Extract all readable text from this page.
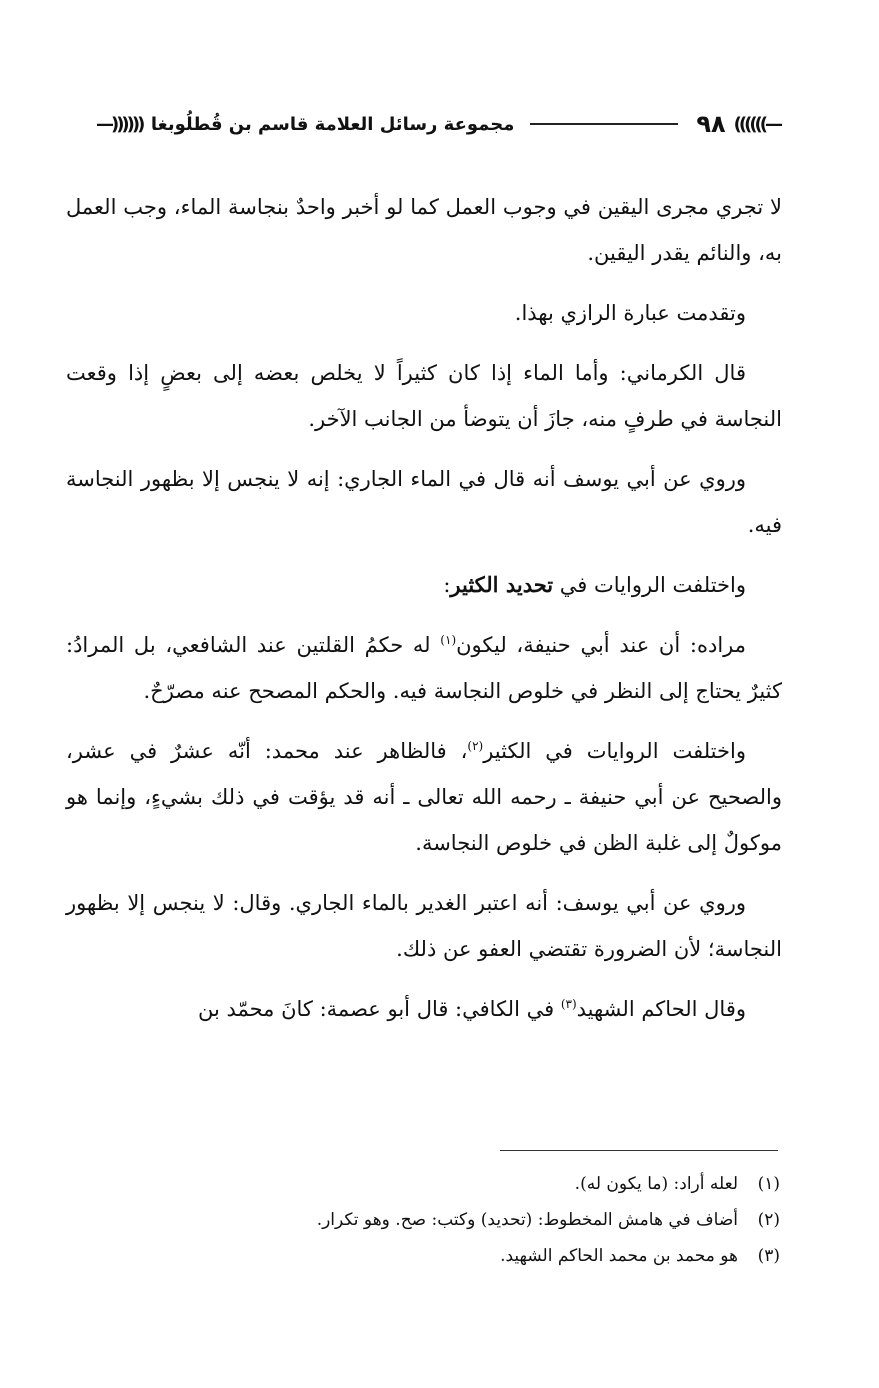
—))))))
٩٨
مجموعة رسائل العلامة قاسم بن قُطلُوبغا
—))))))

لا تجري مجرى اليقين في وجوب العمل كما لو أخبر واحدٌ بنجاسة الماء، وجب العمل به، والنائم يقدر اليقين.

وتقدمت عبارة الرازي بهذا.

قال الكرماني: وأما الماء إذا كان كثيراً لا يخلص بعضه إلى بعضٍ إذا وقعت النجاسة في طرفٍ منه، جازَ أن يتوضأ من الجانب الآخر.

وروي عن أبي يوسف أنه قال في الماء الجاري: إنه لا ينجس إلا بظهور النجاسة فيه.

واختلفت الروايات في تحديد الكثير:

مراده: أن عند أبي حنيفة، ليكون$^{(١)}$ له حكمُ القلتين عند الشافعي، بل المرادُ: كثيرٌ يحتاج إلى النظر في خلوص النجاسة فيه. والحكم المصحح عنه مصرّحٌ.

واختلفت الروايات في الكثير$^{(٢)}$، فالظاهر عند محمد: أنّه عشرٌ في عشر، والصحيح عن أبي حنيفة ـ رحمه الله تعالى ـ أنه قد يؤقت في ذلك بشيءٍ، وإنما هو موكولٌ إلى غلبة الظن في خلوص النجاسة.

وروي عن أبي يوسف: أنه اعتبر الغدير بالماء الجاري. وقال: لا ينجس إلا بظهور النجاسة؛ لأن الضرورة تقتضي العفو عن ذلك.

وقال الحاكم الشهيد$^{(٣)}$ في الكافي: قال أبو عصمة: كانَ محمّد بن

(١)
لعله أراد: (ما يكون له).
(٢)
أضاف في هامش المخطوط: (تحديد) وكتب: صح. وهو تكرار.
(٣)
هو محمد بن محمد الحاكم الشهيد.
